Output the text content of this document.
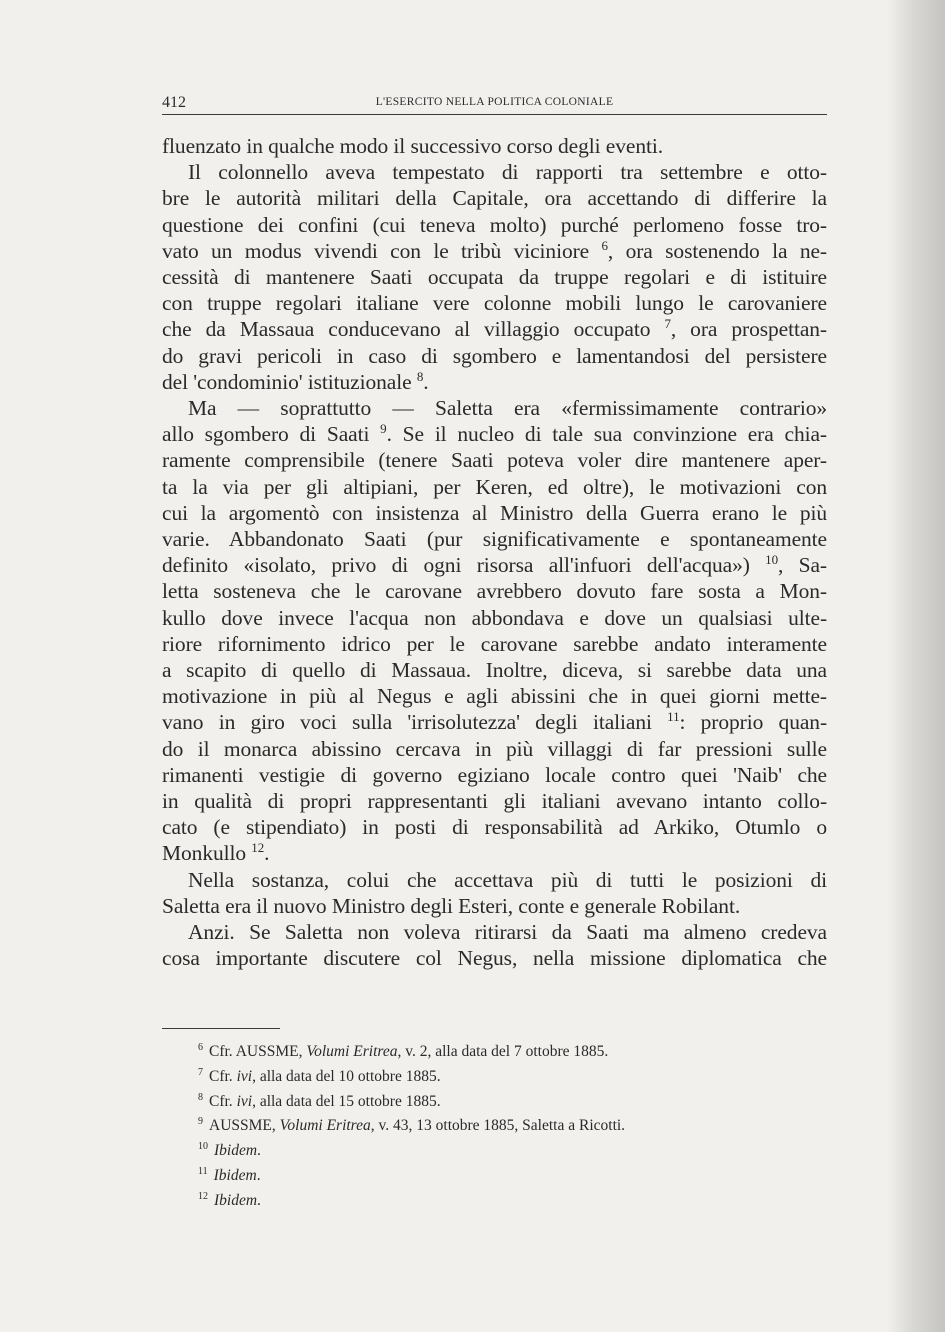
412	L'ESERCITO NELLA POLITICA COLONIALE
fluenzato in qualche modo il successivo corso degli eventi.
Il colonnello aveva tempestato di rapporti tra settembre e otto-
bre le autorità militari della Capitale, ora accettando di differire la
questione dei confini (cui teneva molto) purché perlomeno fosse tro-
vato un modus vivendi con le tribù viciniore $^6$, ora sostenendo la ne-
cessità di mantenere Saati occupata da truppe regolari e di istituire
con truppe regolari italiane vere colonne mobili lungo le carovaniere
che da Massaua conducevano al villaggio occupato $^7$, ora prospettan-
do gravi pericoli in caso di sgombero e lamentandosi del persistere
del 'condominio' istituzionale $^8$.
Ma — soprattutto — Saletta era «fermissimamente contrario»
allo sgombero di Saati $^9$. Se il nucleo di tale sua convinzione era chia-
ramente comprensibile (tenere Saati poteva voler dire mantenere aper-
ta la via per gli altipiani, per Keren, ed oltre), le motivazioni con
cui la argomentò con insistenza al Ministro della Guerra erano le più
varie. Abbandonato Saati (pur significativamente e spontaneamente
definito «isolato, privo di ogni risorsa all'infuori dell'acqua») $^{10}$, Sa-
letta sosteneva che le carovane avrebbero dovuto fare sosta a Mon-
kullo dove invece l'acqua non abbondava e dove un qualsiasi ulte-
riore rifornimento idrico per le carovane sarebbe andato interamente
a scapito di quello di Massaua. Inoltre, diceva, si sarebbe data una
motivazione in più al Negus e agli abissini che in quei giorni mette-
vano in giro voci sulla 'irrisolutezza' degli italiani $^{11}$: proprio quan-
do il monarca abissino cercava in più villaggi di far pressioni sulle
rimanenti vestigie di governo egiziano locale contro quei 'Naib' che
in qualità di propri rappresentanti gli italiani avevano intanto collo-
cato (e stipendiato) in posti di responsabilità ad Arkiko, Otumlo o
Monkullo $^{12}$.
Nella sostanza, colui che accettava più di tutti le posizioni di
Saletta era il nuovo Ministro degli Esteri, conte e generale Robilant.
Anzi. Se Saletta non voleva ritirarsi da Saati ma almeno credeva
cosa importante discutere col Negus, nella missione diplomatica che
$^6$ Cfr. AUSSME, Volumi Eritrea, v. 2, alla data del 7 ottobre 1885.
$^7$ Cfr. ivi, alla data del 10 ottobre 1885.
$^8$ Cfr. ivi, alla data del 15 ottobre 1885.
$^9$ AUSSME, Volumi Eritrea, v. 43, 13 ottobre 1885, Saletta a Ricotti.
$^{10}$ Ibidem.
$^{11}$ Ibidem.
$^{12}$ Ibidem.
